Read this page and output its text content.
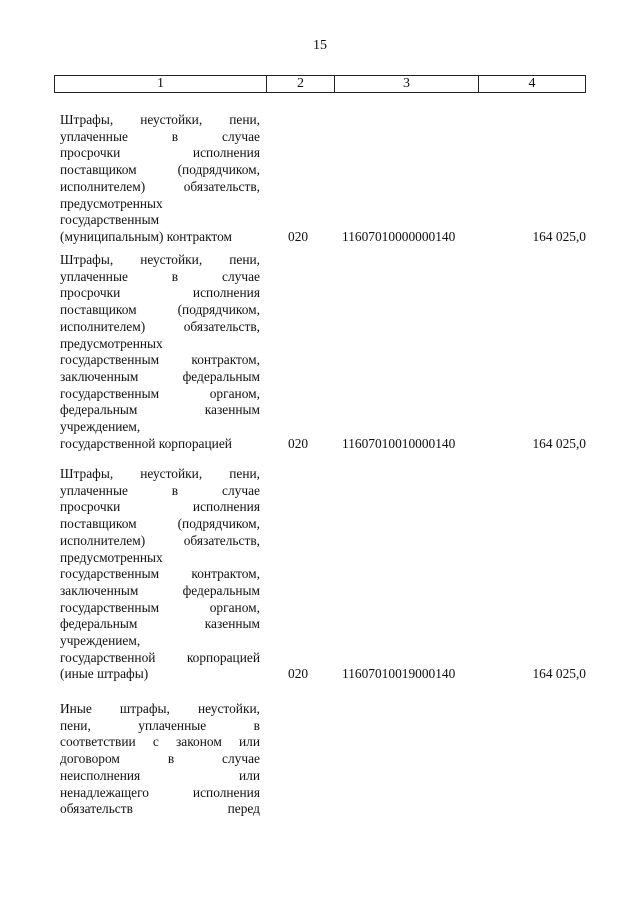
15
1	2	3	4
Штрафы, неустойки, пени,
уплаченные в случае
просрочки исполнения
поставщиком (подрядчиком,
исполнителем) обязательств,
предусмотренных
государственным
(муниципальным) контрактом	020	11607010000000140	164 025,0
Штрафы, неустойки, пени,
уплаченные в случае
просрочки исполнения
поставщиком (подрядчиком,
исполнителем) обязательств,
предусмотренных
государственным контрактом,
заключенным федеральным
государственным органом,
федеральным казенным
учреждением,
государственной корпорацией	020	11607010010000140	164 025,0
Штрафы, неустойки, пени,
уплаченные в случае
просрочки исполнения
поставщиком (подрядчиком,
исполнителем) обязательств,
предусмотренных
государственным контрактом,
заключенным федеральным
государственным органом,
федеральным казенным
учреждением,
государственной корпорацией
(иные штрафы)	020	11607010019000140	164 025,0
Иные штрафы, неустойки,
пени, уплаченные в
соответствии с законом или
договором в случае
неисполнения или
ненадлежащего исполнения
обязательств перед
